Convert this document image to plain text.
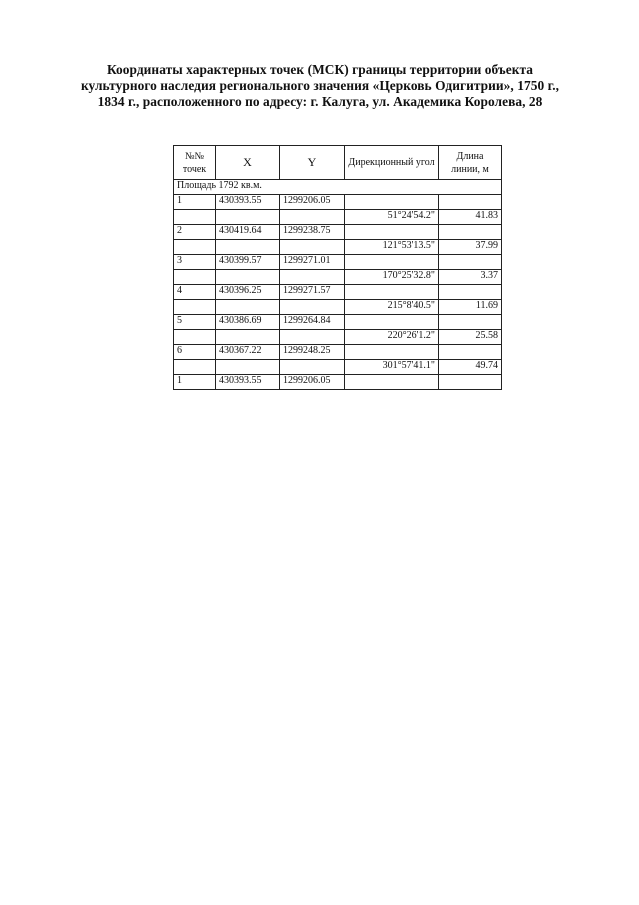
Координаты характерных точек (МСК) границы территории объекта
культурного наследия регионального значения «Церковь Одигитрии», 1750 г.,
1834 г., расположенного по адресу: г. Калуга, ул. Академика Королева, 28
№№ точек	X	Y	Дирекционный угол	Длина линии, м
Площадь 1792 кв.м.				
1	430393.55	1299206.05		
			51°24'54.2"	41.83
2	430419.64	1299238.75		
			121°53'13.5"	37.99
3	430399.57	1299271.01		
			170°25'32.8"	3.37
4	430396.25	1299271.57		
			215°8'40.5"	11.69
5	430386.69	1299264.84		
			220°26'1.2"	25.58
6	430367.22	1299248.25		
			301°57'41.1"	49.74
1	430393.55	1299206.05		
